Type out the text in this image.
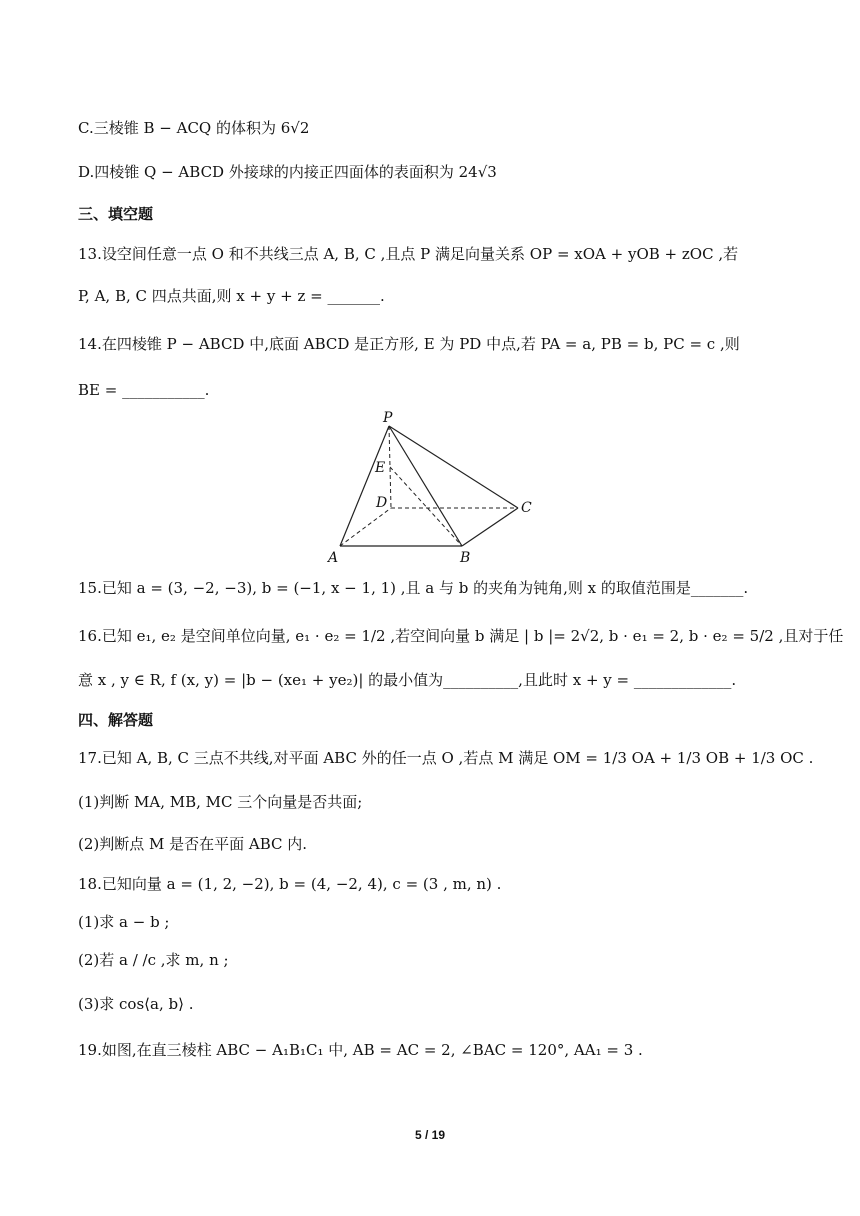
C.三棱锥 B − ACQ 的体积为 6√2
D.四棱锥 Q − ABCD 外接球的内接正四面体的表面积为 24√3
三、填空题
13.设空间任意一点 O 和不共线三点 A, B, C ,且点 P 满足向量关系 OP = xOA + yOB + zOC ,若
P, A, B, C 四点共面,则 x + y + z = _______.
14.在四棱锥 P − ABCD 中,底面 ABCD 是正方形, E 为 PD 中点,若 PA = a, PB = b, PC = c ,则
BE = ___________.
P
E
D	C
A	B
15.已知 a = (3, −2, −3), b = (−1, x − 1, 1) ,且 a 与 b 的夹角为钝角,则 x 的取值范围是_______.
16.已知 e₁, e₂ 是空间单位向量, e₁ · e₂ = 1/2 ,若空间向量 b 满足 | b |= 2√2, b · e₁ = 2, b · e₂ = 5/2 ,且对于任
意 x , y ∈ R, f (x, y) = |b − (xe₁ + ye₂)| 的最小值为__________,且此时 x + y = _____________.
四、解答题
17.已知 A, B, C 三点不共线,对平面 ABC 外的任一点 O ,若点 M 满足 OM = 1/3 OA + 1/3 OB + 1/3 OC .
(1)判断 MA, MB, MC 三个向量是否共面;
(2)判断点 M 是否在平面 ABC 内.
18.已知向量 a = (1, 2, −2), b = (4, −2, 4), c = (3 , m, n) .
(1)求 a − b ;
(2)若 a / /c ,求 m, n ;
(3)求 cos⟨a, b⟩ .
19.如图,在直三棱柱 ABC − A₁B₁C₁ 中, AB = AC = 2, ∠BAC = 120°, AA₁ = 3 .
5 / 19
